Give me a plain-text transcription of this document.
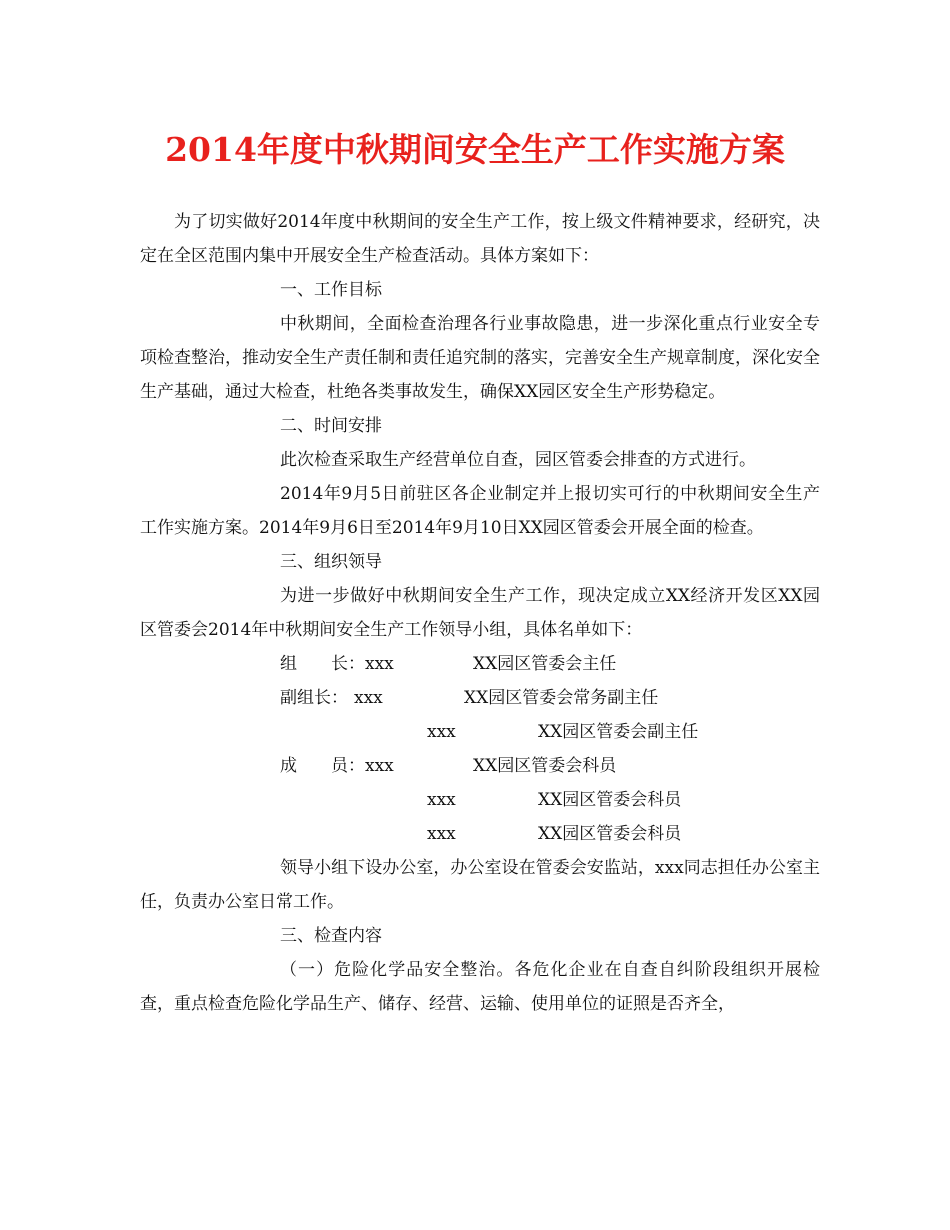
2014年度中秋期间安全生产工作实施方案

为了切实做好2014年度中秋期间的安全生产工作，按上级文件精神要求，经研究，决定在全区范围内集中开展安全生产检查活动。具体方案如下：

一、工作目标

中秋期间，全面检查治理各行业事故隐患，进一步深化重点行业安全专项检查整治，推动安全生产责任制和责任追究制的落实，完善安全生产规章制度，深化安全生产基础，通过大检查，杜绝各类事故发生，确保XX园区安全生产形势稳定。

二、时间安排

此次检查采取生产经营单位自查，园区管委会排查的方式进行。

2014年9月5日前驻区各企业制定并上报切实可行的中秋期间安全生产工作实施方案。2014年9月6日至2014年9月10日XX园区管委会开展全面的检查。

三、组织领导

为进一步做好中秋期间安全生产工作，现决定成立XX经济开发区XX园区管委会2014年中秋期间安全生产工作领导小组，具体名单如下：

组　　长： xxx	XX园区管委会主任
副组长： xxx	XX园区管委会常务副主任
xxx	XX园区管委会副主任
成　　员： xxx	XX园区管委会科员
xxx	XX园区管委会科员
xxx	XX园区管委会科员

领导小组下设办公室，办公室设在管委会安监站，xxx同志担任办公室主任，负责办公室日常工作。

三、检查内容

（一）危险化学品安全整治。各危化企业在自查自纠阶段组织开展检查，重点检查危险化学品生产、储存、经营、运输、使用单位的证照是否齐全，
